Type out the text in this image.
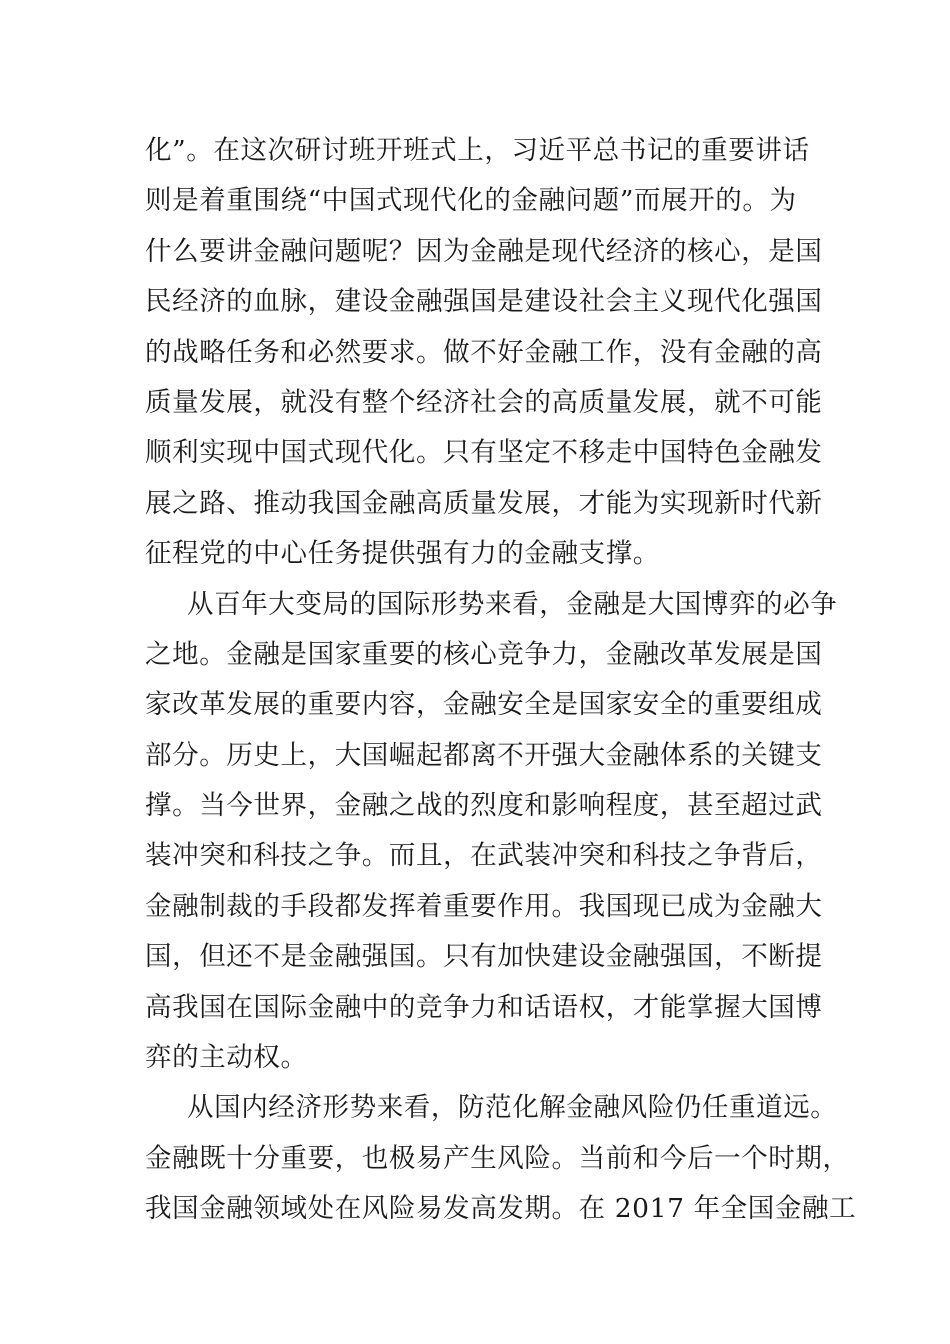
化”。在这次研讨班开班式上，习近平总书记的重要讲话
则是着重围绕“中国式现代化的金融问题”而展开的。为
什么要讲金融问题呢？因为金融是现代经济的核心，是国
民经济的血脉，建设金融强国是建设社会主义现代化强国
的战略任务和必然要求。做不好金融工作，没有金融的高
质量发展，就没有整个经济社会的高质量发展，就不可能
顺利实现中国式现代化。只有坚定不移走中国特色金融发
展之路、推动我国金融高质量发展，才能为实现新时代新
征程党的中心任务提供强有力的金融支撑。
从百年大变局的国际形势来看，金融是大国博弈的必争
之地。金融是国家重要的核心竞争力，金融改革发展是国
家改革发展的重要内容，金融安全是国家安全的重要组成
部分。历史上，大国崛起都离不开强大金融体系的关键支
撑。当今世界，金融之战的烈度和影响程度，甚至超过武
装冲突和科技之争。而且，在武装冲突和科技之争背后，
金融制裁的手段都发挥着重要作用。我国现已成为金融大
国，但还不是金融强国。只有加快建设金融强国，不断提
高我国在国际金融中的竞争力和话语权，才能掌握大国博
弈的主动权。
从国内经济形势来看，防范化解金融风险仍任重道远。
金融既十分重要，也极易产生风险。当前和今后一个时期，
我国金融领域处在风险易发高发期。在 2017 年全国金融工
